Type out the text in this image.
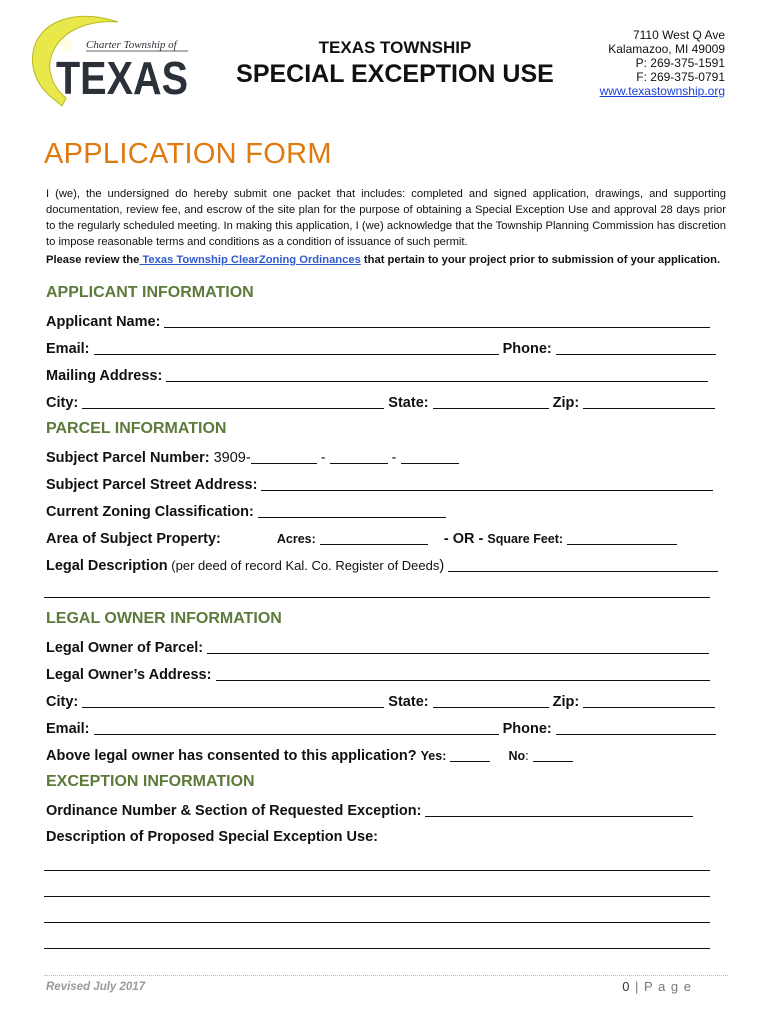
Charter Township of
TEXAS
TEXAS TOWNSHIP
SPECIAL EXCEPTION USE
7110 West Q Ave
Kalamazoo, MI 49009
P: 269-375-1591
F: 269-375-0791
www.texastownship.org
APPLICATION FORM
I (we), the undersigned do hereby submit one packet that includes: completed and signed application, drawings, and supporting documentation, review fee, and escrow of the site plan for the purpose of obtaining a Special Exception Use and approval 28 days prior to the regularly scheduled meeting. In making this application, I (we) acknowledge that the Township Planning Commission has discretion to impose reasonable terms and conditions as a condition of issuance of such permit.
Please review the Texas Township ClearZoning Ordinances that pertain to your project prior to submission of your application.
APPLICANT INFORMATION
Applicant Name:
Email:	Phone:
Mailing Address:
City:	State:	Zip:
PARCEL INFORMATION
Subject Parcel Number: 3909-	-	-
Subject Parcel Street Address:
Current Zoning Classification:
Area of Subject Property:	Acres:	- OR - Square Feet:
Legal Description (per deed of record Kal. Co. Register of Deeds)
LEGAL OWNER INFORMATION
Legal Owner of Parcel:
Legal Owner’s Address:
City:	State:	Zip:
Email:	Phone:
Above legal owner has consented to this application? Yes:	No:
EXCEPTION INFORMATION
Ordinance Number & Section of Requested Exception:
Description of Proposed Special Exception Use:
Revised July 2017	0 | P a g e
